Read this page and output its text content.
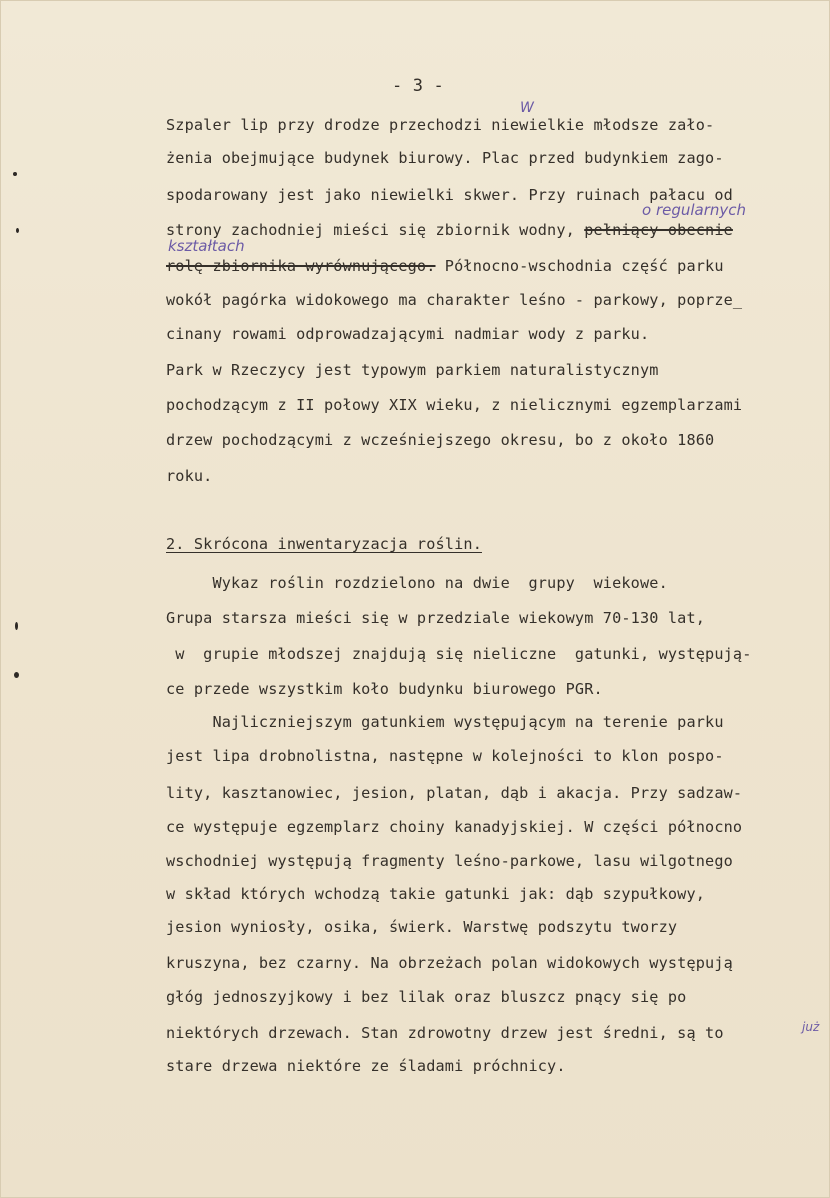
- 3 -
Szpaler lip przy drodze przechodzi niewielkie młodsze zało-
żenia obejmujące budynek biurowy. Plac przed budynkiem zago-
spodarowany jest jako niewielki skwer. Przy ruinach pałacu od
strony zachodniej mieści się zbiornik wodny, pełniący obecnie
rolę zbiornika wyrównującego. Północno-wschodnia część parku
wokół pagórka widokowego ma charakter leśno - parkowy, poprze_
cinany rowami odprowadzającymi nadmiar wody z parku.
Park w Rzeczycy jest typowym parkiem naturalistycznym
pochodzącym z II połowy XIX wieku, z nielicznymi egzemplarzami
drzew pochodzącymi z wcześniejszego okresu, bo z około 1860
roku.
2. Skrócona inwentaryzacja roślin.
Wykaz roślin rozdzielono na dwie  grupy  wiekowe.
Grupa starsza mieści się w przedziale wiekowym 70-130 lat,
w  grupie młodszej znajdują się nieliczne  gatunki, występują-
ce przede wszystkim koło budynku biurowego PGR.
Najliczniejszym gatunkiem występującym na terenie parku
jest lipa drobnolistna, następne w kolejności to klon pospo-
lity, kasztanowiec, jesion, platan, dąb i akacja. Przy sadzaw-
ce występuje egzemplarz choiny kanadyjskiej. W części północno
wschodniej występują fragmenty leśno-parkowe, lasu wilgotnego
w skład których wchodzą takie gatunki jak: dąb szypułkowy,
jesion wyniosły, osika, świerk. Warstwę podszytu tworzy
kruszyna, bez czarny. Na obrzeżach polan widokowych występują
głóg jednoszyjkowy i bez lilak oraz bluszcz pnący się po
niektórych drzewach. Stan zdrowotny drzew jest średni, są to
stare drzewa niektóre ze śladami próchnicy.
W
o regularnych
kształtach
już
